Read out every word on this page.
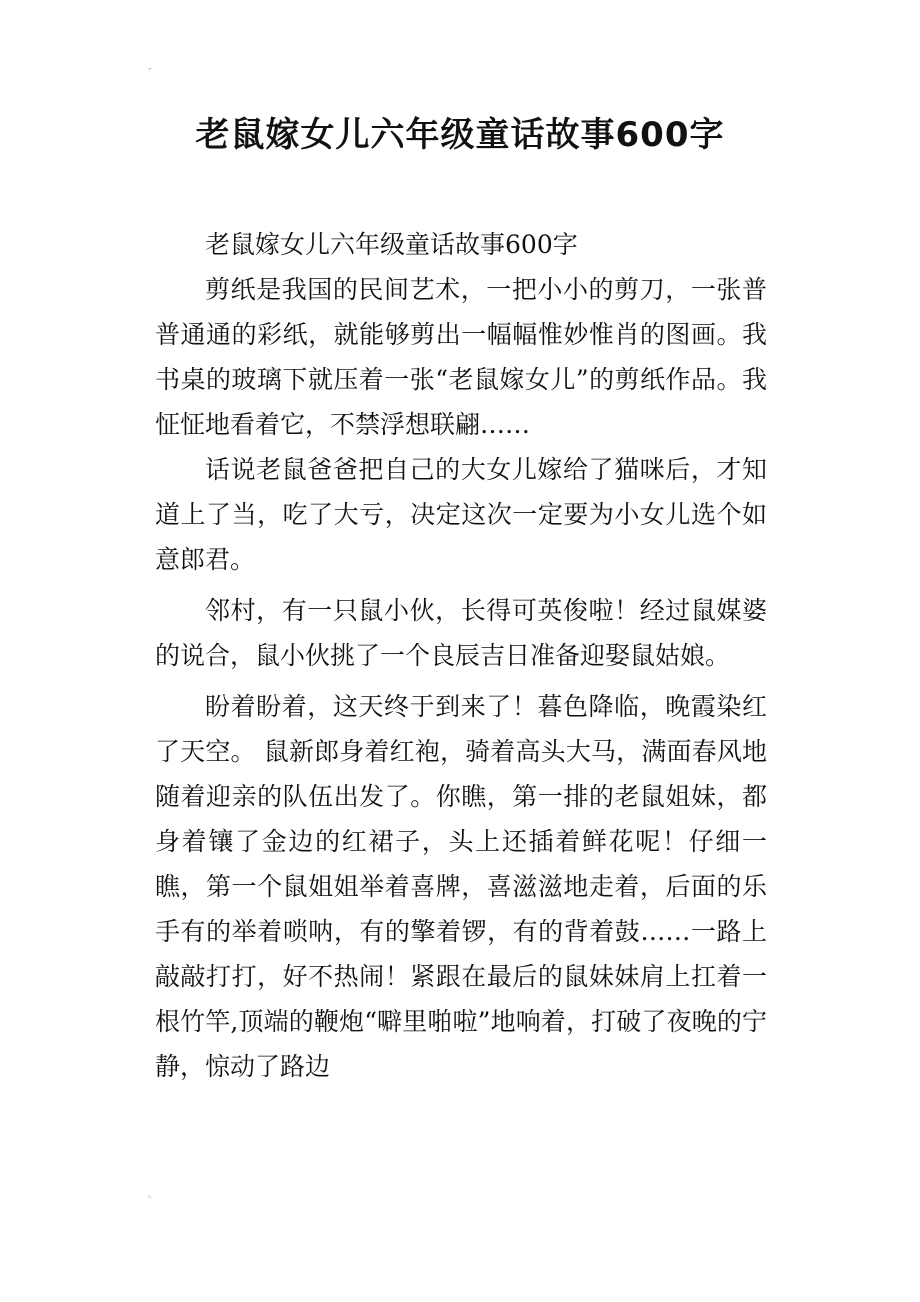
⌜
⌞
老鼠嫁女儿六年级童话故事600字

老鼠嫁女儿六年级童话故事600字

剪纸是我国的民间艺术，一把小小的剪刀，一张普普通通的彩纸，就能够剪出一幅幅惟妙惟肖的图画。我书桌的玻璃下就压着一张“老鼠嫁女儿”的剪纸作品。我怔怔地看着它，不禁浮想联翩……

话说老鼠爸爸把自己的大女儿嫁给了猫咪后，才知道上了当，吃了大亏，决定这次一定要为小女儿选个如意郎君。

邻村，有一只鼠小伙，长得可英俊啦！经过鼠媒婆的说合，鼠小伙挑了一个良辰吉日准备迎娶鼠姑娘。

盼着盼着，这天终于到来了！暮色降临，晚霞染红了天空。 鼠新郎身着红袍，骑着高头大马，满面春风地随着迎亲的队伍出发了。你瞧，第一排的老鼠姐妹，都身着镶了金边的红裙子，头上还插着鲜花呢！仔细一瞧，第一个鼠姐姐举着喜牌，喜滋滋地走着，后面的乐手有的举着唢呐，有的擎着锣，有的背着鼓……一路上敲敲打打，好不热闹！紧跟在最后的鼠妹妹肩上扛着一根竹竿,顶端的鞭炮“噼里啪啦”地响着，打破了夜晚的宁静，惊动了路边
